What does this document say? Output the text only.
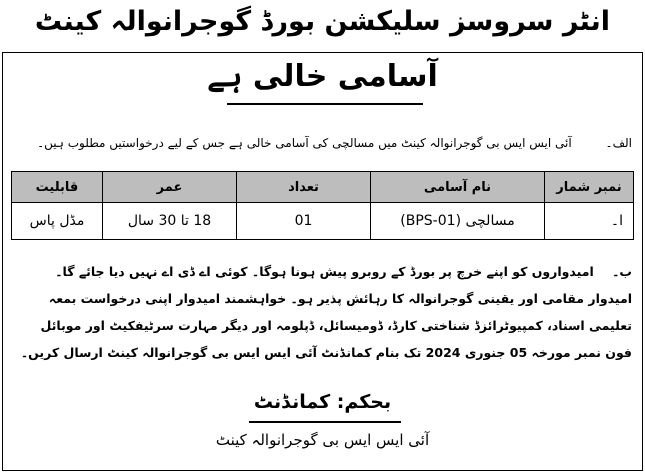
انٹر سروسز سلیکشن بورڈ گوجرانوالہ کینٹ
آسامی خالی ہے
الف۔ آئی ایس ایس بی گوجرانوالہ کینٹ میں مسالچی کی آسامی خالی ہے جس کے لیے درخواستیں مطلوب ہیں۔
نمبر شمار	نام آسامی	تعداد	عمر	قابلیت
ا۔	مسالچی (BPS-01)	01	18 تا 30 سال	مڈل پاس
ب۔ امیدواروں کو اپنے خرچ پر بورڈ کے روبرو پیش ہونا ہوگا۔ کوئی اے ڈی اے نہیں دیا جائے گا۔ امیدوار مقامی اور یقینی گوجرانوالہ کا رہائش پذیر ہو۔ خواہشمند امیدوار اپنی درخواست بمعہ تعلیمی اسناد، کمپیوٹرائزڈ شناختی کارڈ، ڈومیسائل، ڈپلومہ اور دیگر مہارت سرٹیفکیٹ اور موبائل فون نمبر مورخہ 05 جنوری 2024 تک بنام کمانڈنٹ آئی ایس ایس بی گوجرانوالہ کینٹ ارسال کریں۔
بحکم: کمانڈنٹ
آئی ایس ایس بی گوجرانوالہ کینٹ
